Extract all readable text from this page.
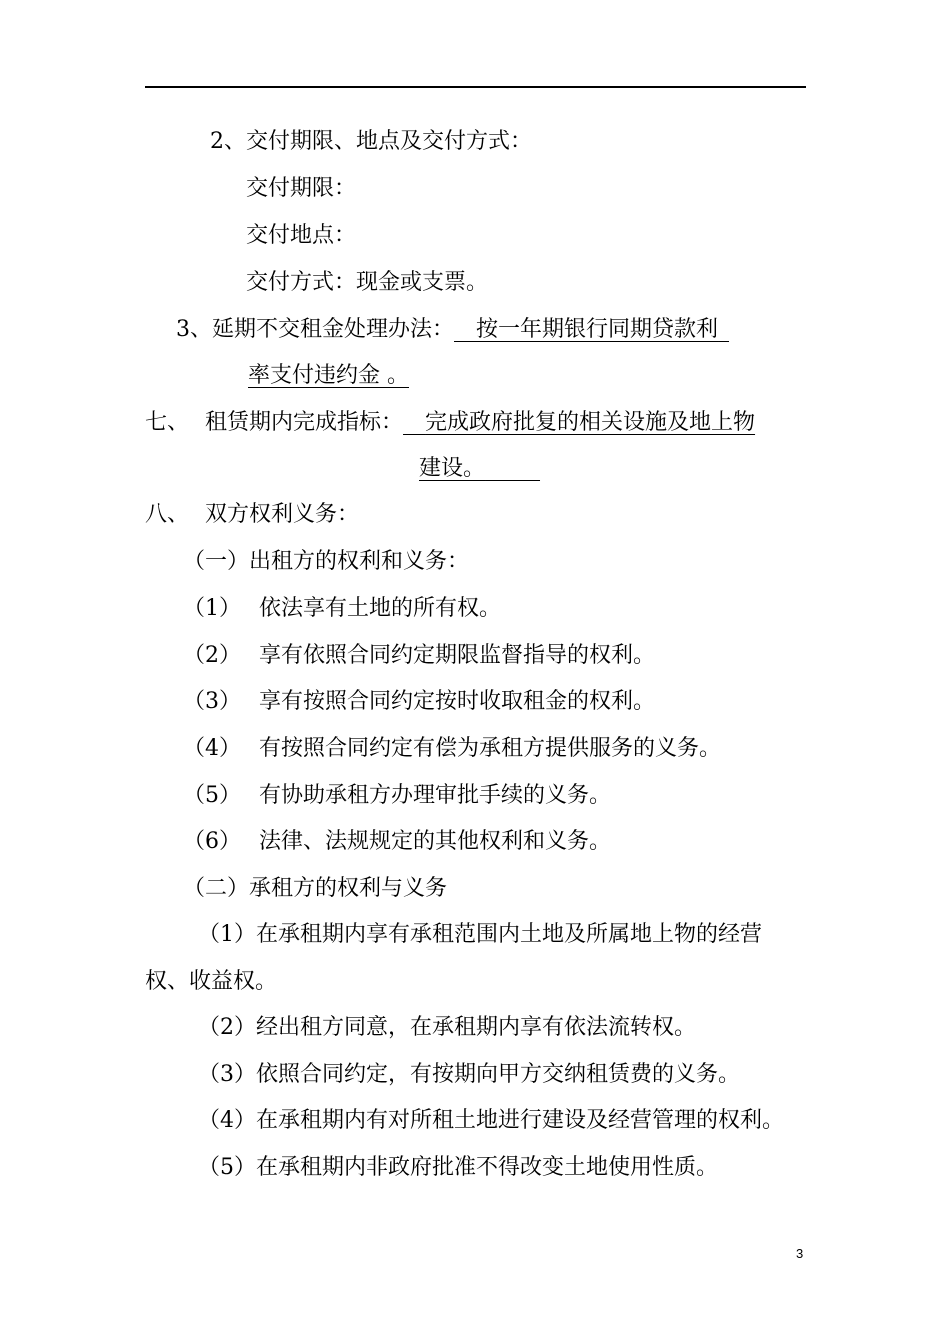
2、交付期限、地点及交付方式：
交付期限：
交付地点：
交付方式：现金或支票。
3、延期不交租金处理办法：   按一年期银行同期贷款利 
率支付违约金 。
七、 租赁期内完成指标：   完成政府批复的相关设施及地上物
建设。     
八、 双方权利义务：
（一）出租方的权利和义务：
（1） 依法享有土地的所有权。
（2） 享有依照合同约定期限监督指导的权利。
（3） 享有按照合同约定按时收取租金的权利。
（4） 有按照合同约定有偿为承租方提供服务的义务。
（5） 有协助承租方办理审批手续的义务。
（6） 法律、法规规定的其他权利和义务。
（二）承租方的权利与义务
（1）在承租期内享有承租范围内土地及所属地上物的经营
权、收益权。
（2）经出租方同意，在承租期内享有依法流转权。
（3）依照合同约定，有按期向甲方交纳租赁费的义务。
（4）在承租期内有对所租土地进行建设及经营管理的权利。
（5）在承租期内非政府批准不得改变土地使用性质。
3
